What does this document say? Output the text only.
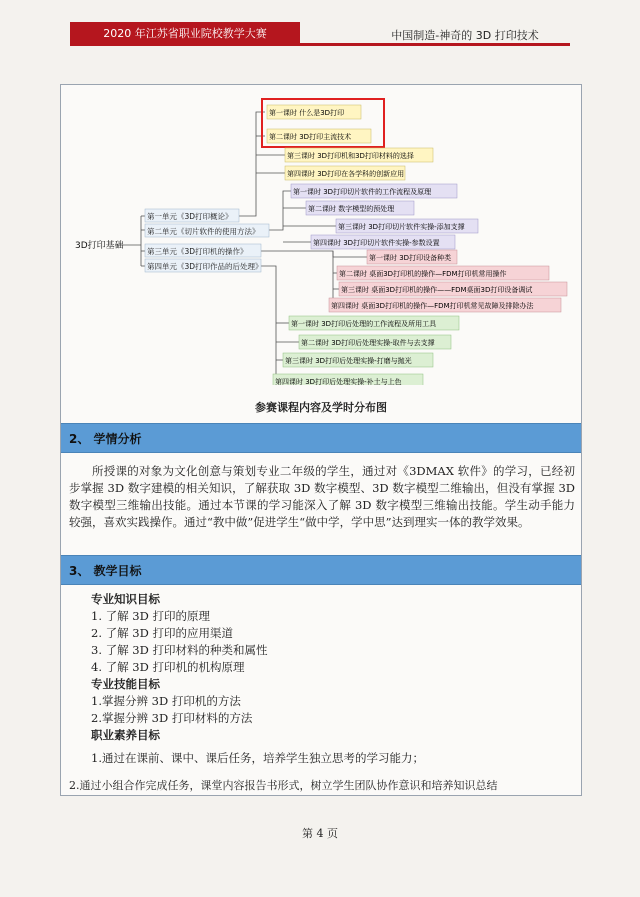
2020 年江苏省职业院校教学大赛	中国制造-神奇的 3D 打印技术
3D打印基础
第一单元《3D打印概论》
第二单元《切片软件的使用方法》
第三单元《3D打印机的操作》
第四单元《3D打印作品的后处理》
第一课时 什么是3D打印
第二课时 3D打印主流技术
第三课时 3D打印机和3D打印材料的选择
第四课时 3D打印在各学科的创新应用
第一课时 3D打印切片软件的工作流程及原理
第二课时 数字模型的预处理
第三课时 3D打印切片软件实操-添加支撑
第四课时 3D打印切片软件实操-参数设置
第一课时 3D打印设备种类
第二课时 桌面3D打印机的操作—FDM打印机常用操作
第三课时 桌面3D打印机的操作——FDM桌面3D打印设备调试
第四课时 桌面3D打印机的操作—FDM打印机常见故障及排除办法
第一课时 3D打印后处理的工作流程及所用工具
第二课时 3D打印后处理实操-取件与去支撑
第三课时 3D打印后处理实操-打磨与抛光
第四课时 3D打印后处理实操-补土与上色
参赛课程内容及学时分布图
2、 学情分析
所授课的对象为文化创意与策划专业二年级的学生，通过对《3DMAX 软件》的学习，已经初步掌握 3D 数字建模的相关知识，了解获取 3D 数字模型、3D 数字模型二维输出，但没有掌握 3D 数字模型三维输出技能。通过本节课的学习能深入了解 3D 数字模型三维输出技能。学生动手能力较强，喜欢实践操作。通过“教中做”促进学生“做中学，学中思”达到理实一体的教学效果。
3、 教学目标
专业知识目标
1. 了解 3D 打印的原理
2. 了解 3D 打印的应用渠道
3. 了解 3D 打印材料的种类和属性
4. 了解 3D 打印机的机构原理
专业技能目标
1.掌握分辨 3D 打印机的方法
2.掌握分辨 3D 打印材料的方法
职业素养目标
1.通过在课前、课中、课后任务，培养学生独立思考的学习能力；
2.通过小组合作完成任务，课堂内容报告书形式，树立学生团队协作意识和培养知识总结
第 4 页
